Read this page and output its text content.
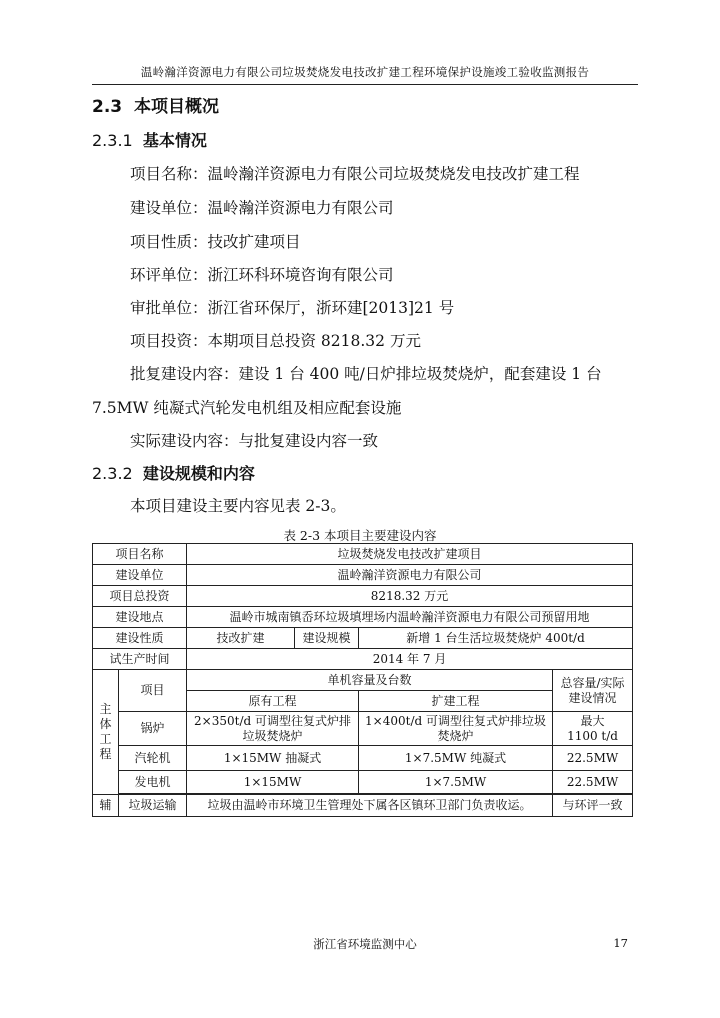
温岭瀚洋资源电力有限公司垃圾焚烧发电技改扩建工程环境保护设施竣工验收监测报告
2.3 本项目概况
2.3.1 基本情况
项目名称：温岭瀚洋资源电力有限公司垃圾焚烧发电技改扩建工程
建设单位：温岭瀚洋资源电力有限公司
项目性质：技改扩建项目
环评单位：浙江环科环境咨询有限公司
审批单位：浙江省环保厅，浙环建[2013]21 号
项目投资：本期项目总投资 8218.32 万元
批复建设内容：建设 1 台 400 吨/日炉排垃圾焚烧炉，配套建设 1 台
7.5MW 纯凝式汽轮发电机组及相应配套设施
实际建设内容：与批复建设内容一致
2.3.2 建设规模和内容
本项目建设主要内容见表 2-3。
表 2-3 本项目主要建设内容
项目名称		垃圾焚烧发电技改扩建项目			
建设单位		温岭瀚洋资源电力有限公司			
项目总投资		8218.32 万元			
建设地点		温岭市城南镇岙环垃圾填埋场内温岭瀚洋资源电力有限公司预留用地			
建设性质		技改扩建	建设规模	新增 1 台生活垃圾焚烧炉 400t/d	
试生产时间		2014 年 7 月			

主体工程	项目	单机容量及台数			总容量/实际建设情况

		原有工程		扩建工程	
	锅炉	2×350t/d 可调型往复式炉排垃圾焚烧炉		1×400t/d 可调型往复式炉排垃圾焚烧炉	最大 1100 t/d

	汽轮机	1×15MW 抽凝式		1×7.5MW 纯凝式	22.5MW
	发电机	1×15MW		1×7.5MW	22.5MW

辅	垃圾运输	垃圾由温岭市环境卫生管理处下属各区镇环卫部门负责收运。			与环评一致
浙江省环境监测中心	17
